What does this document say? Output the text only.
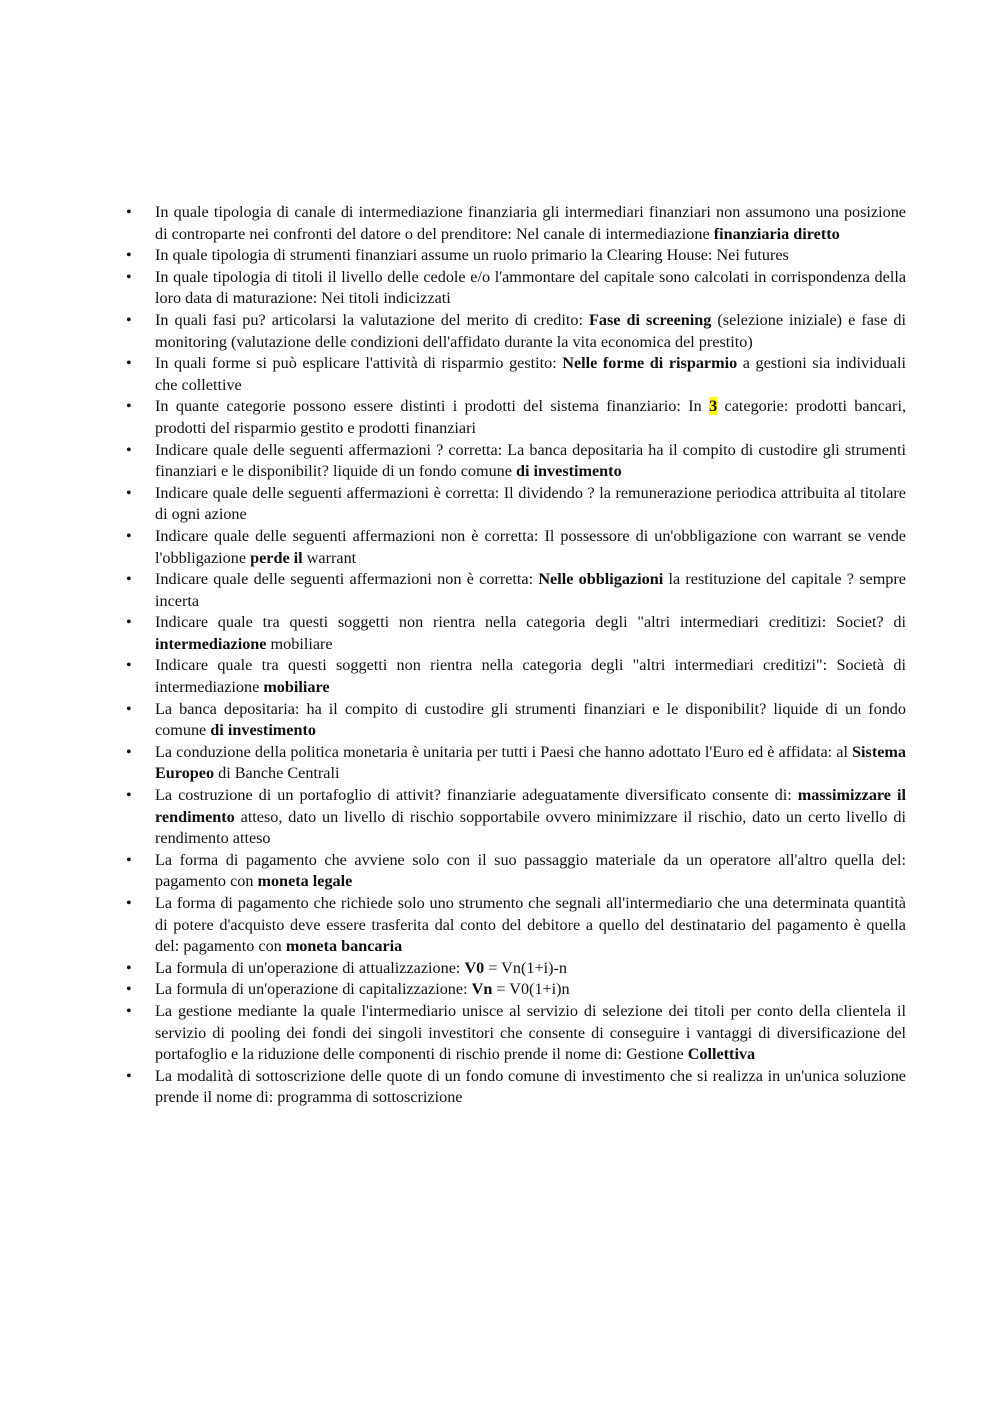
•	In quale tipologia di canale di intermediazione finanziaria gli intermediari finanziari non assumono una posizione di controparte nei confronti del datore o del prenditore: Nel canale di intermediazione finanziaria diretto
•	In quale tipologia di strumenti finanziari assume un ruolo primario la Clearing House: Nei futures
•	In quale tipologia di titoli il livello delle cedole e/o l'ammontare del capitale sono calcolati in corrispondenza della loro data di maturazione: Nei titoli indicizzati
•	In quali fasi pu? articolarsi la valutazione del merito di credito: Fase di screening (selezione iniziale) e fase di monitoring (valutazione delle condizioni dell'affidato durante la vita economica del prestito)
•	In quali forme si può esplicare l'attività di risparmio gestito: Nelle forme di risparmio a gestioni sia individuali che collettive
•	In quante categorie possono essere distinti i prodotti del sistema finanziario: In 3 categorie: prodotti bancari, prodotti del risparmio gestito e prodotti finanziari
•	Indicare quale delle seguenti affermazioni ? corretta: La banca depositaria ha il compito di custodire gli strumenti finanziari e le disponibilit? liquide di un fondo comune di investimento
•	Indicare quale delle seguenti affermazioni è corretta: Il dividendo ? la remunerazione periodica attribuita al titolare di ogni azione
•	Indicare quale delle seguenti affermazioni non è corretta: Il possessore di un'obbligazione con warrant se vende l'obbligazione perde il warrant
•	Indicare quale delle seguenti affermazioni non è corretta: Nelle obbligazioni la restituzione del capitale ? sempre incerta
•	Indicare quale tra questi soggetti non rientra nella categoria degli "altri intermediari creditizi: Societ? di intermediazione mobiliare
•	Indicare quale tra questi soggetti non rientra nella categoria degli "altri intermediari creditizi": Società di intermediazione mobiliare
•	La banca depositaria: ha il compito di custodire gli strumenti finanziari e le disponibilit? liquide di un fondo comune di investimento
•	La conduzione della politica monetaria è unitaria per tutti i Paesi che hanno adottato l'Euro ed è affidata: al Sistema Europeo di Banche Centrali
•	La costruzione di un portafoglio di attivit? finanziarie adeguatamente diversificato consente di: massimizzare il rendimento atteso, dato un livello di rischio sopportabile ovvero minimizzare il rischio, dato un certo livello di rendimento atteso
•	La forma di pagamento che avviene solo con il suo passaggio materiale da un operatore all'altro quella del: pagamento con moneta legale
•	La forma di pagamento che richiede solo uno strumento che segnali all'intermediario che una determinata quantità di potere d'acquisto deve essere trasferita dal conto del debitore a quello del destinatario del pagamento è quella del: pagamento con moneta bancaria
•	La formula di un'operazione di attualizzazione: V0 = Vn(1+i)-n
•	La formula di un'operazione di capitalizzazione: Vn = V0(1+i)n
•	La gestione mediante la quale l'intermediario unisce al servizio di selezione dei titoli per conto della clientela il servizio di pooling dei fondi dei singoli investitori che consente di conseguire i vantaggi di diversificazione del portafoglio e la riduzione delle componenti di rischio prende il nome di: Gestione Collettiva
•	La modalità di sottoscrizione delle quote di un fondo comune di investimento che si realizza in un'unica soluzione prende il nome di: programma di sottoscrizione
